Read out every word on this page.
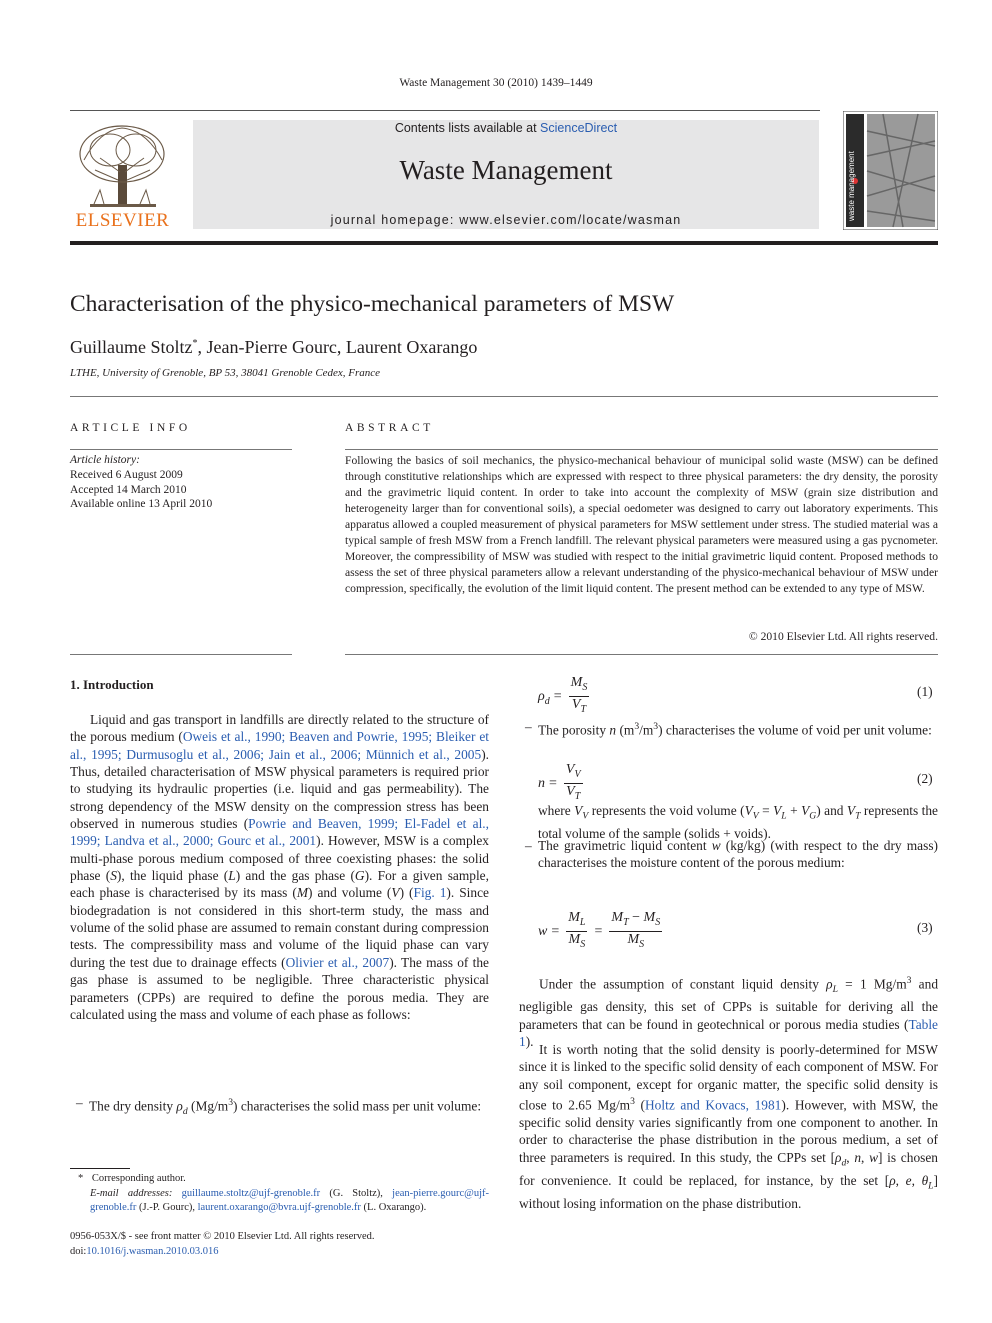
Waste Management 30 (2010) 1439–1449
ELSEVIER
Contents lists available at ScienceDirect
Waste Management
journal homepage: www.elsevier.com/locate/wasman	waste management
Characterisation of the physico-mechanical parameters of MSW
Guillaume Stoltz*, Jean-Pierre Gourc, Laurent Oxarango
LTHE, University of Grenoble, BP 53, 38041 Grenoble Cedex, France
ARTICLE INFO
Article history:
Received 6 August 2009
Accepted 14 March 2010
Available online 13 April 2010
ABSTRACT

Following the basics of soil mechanics, the physico-mechanical behaviour of municipal solid waste (MSW) can be defined through constitutive relationships which are expressed with respect to three physical parameters: the dry density, the porosity and the gravimetric liquid content. In order to take into account the complexity of MSW (grain size distribution and heterogeneity larger than for conventional soils), a special oedometer was designed to carry out laboratory experiments. This apparatus allowed a coupled measurement of physical parameters for MSW settlement under stress. The studied material was a typical sample of fresh MSW from a French landfill. The relevant physical parameters were measured using a gas pycnometer. Moreover, the compressibility of MSW was studied with respect to the initial gravimetric liquid content. Proposed methods to assess the set of three physical parameters allow a relevant understanding of the physico-mechanical behaviour of MSW under compression, specifically, the evolution of the limit liquid content. The present method can be extended to any type of MSW.

© 2010 Elsevier Ltd. All rights reserved.
1. Introduction

Liquid and gas transport in landfills are directly related to the structure of the porous medium (Oweis et al., 1990; Beaven and Powrie, 1995; Bleiker et al., 1995; Durmusoglu et al., 2006; Jain et al., 2006; Münnich et al., 2005). Thus, detailed characterisation of MSW physical parameters is required prior to studying its hydraulic properties (i.e. liquid and gas permeability). The strong dependency of the MSW density on the compression stress has been observed in numerous studies (Powrie and Beaven, 1999; El-Fadel et al., 1999; Landva et al., 2000; Gourc et al., 2001). However, MSW is a complex multi-phase porous medium composed of three coexisting phases: the solid phase (S), the liquid phase (L) and the gas phase (G). For a given sample, each phase is characterised by its mass (M) and volume (V) (Fig. 1). Since biodegradation is not considered in this short-term study, the mass and volume of the solid phase are assumed to remain constant during compression tests. The compressibility mass and volume of the liquid phase can vary during the test due to drainage effects (Olivier et al., 2007). The mass of the gas phase is assumed to be negligible. Three characteristic physical parameters (CPPs) are required to define the porous media. They are calculated using the mass and volume of each phase as follows:

– The dry density $\rho_d$ $(Mg/m^3)$ characterises the solid mass per unit volume:
* Corresponding author.
E-mail addresses: guillaume.stoltz@ujf-grenoble.fr (G. Stoltz), jean-pierre.gourc@ujf-grenoble.fr (J.-P. Gourc), laurent.oxarango@bvra.ujf-grenoble.fr (L. Oxarango).
0956-053X/$ - see front matter © 2010 Elsevier Ltd. All rights reserved.
doi:10.1016/j.wasman.2010.03.016
$\rho_d = \frac{M_S}{V_T}$	(1)
– The porosity n $(m^3/m^3)$ characterises the volume of void per unit volume:
$n = \frac{V_V}{V_T}$	(2)
where $V_V$ represents the void volume $(V_V = V_L + V_G)$ and $V_T$ represents the total volume of the sample (solids + voids).
– The gravimetric liquid content w (kg/kg) (with respect to the dry mass) characterises the moisture content of the porous medium:
$w = \frac{M_L}{M_S} = \frac{M_T - M_S}{M_S}$	(3)

Under the assumption of constant liquid density $\rho_L = 1$ $Mg/m^3$ and negligible gas density, this set of CPPs is suitable for deriving all the parameters that can be found in geotechnical or porous media studies (Table 1).

It is worth noting that the solid density is poorly-determined for MSW since it is linked to the specific solid density of each component of MSW. For any soil component, except for organic matter, the specific solid density is close to 2.65 $Mg/m^3$ (Holtz and Kovacs, 1981). However, with MSW, the specific solid density varies significantly from one component to another. In order to characterise the phase distribution in the porous medium, a set of three parameters is required. In this study, the CPPs set [$\rho_d$, n, w] is chosen for convenience. It could be replaced, for instance, by the set [ρ, e, $\theta_L$] without losing information on the phase distribution.
